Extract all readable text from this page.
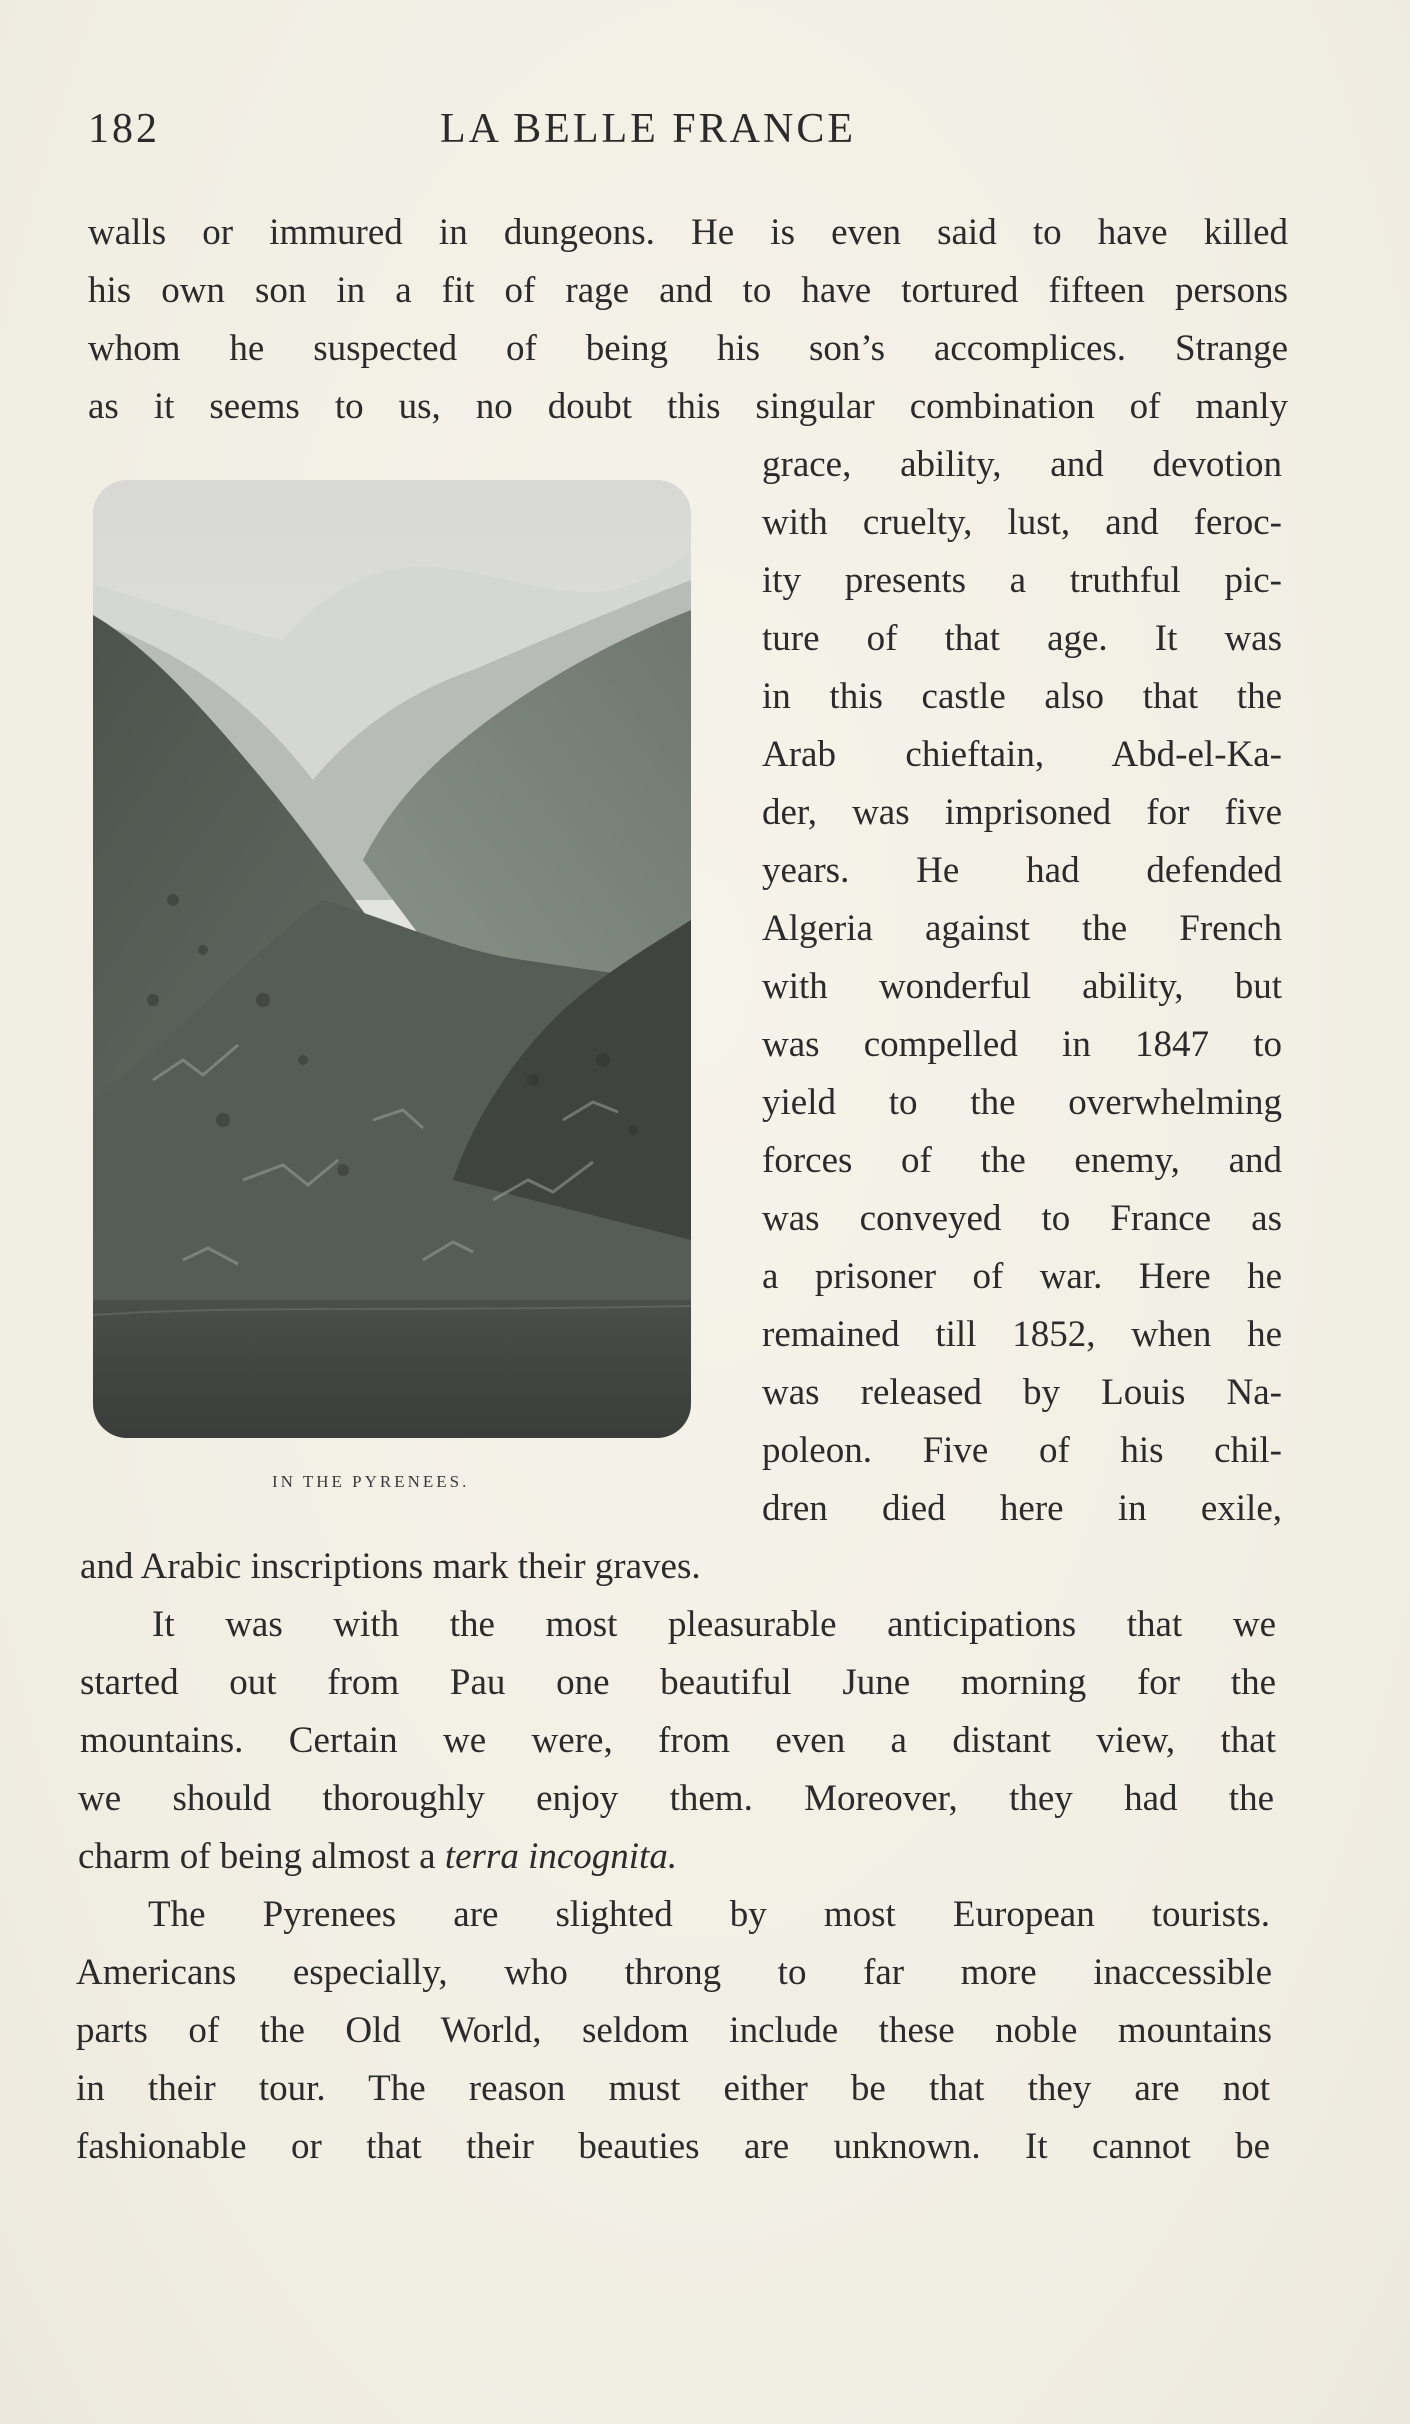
182	LA BELLE FRANCE
walls or immured in dungeons. He is even said to have killed
his own son in a fit of rage and to have tortured fifteen persons
whom he suspected of being his son’s accomplices. Strange
as it seems to us, no doubt this singular combination of manly
IN THE PYRENEES.
grace, ability, and devotion
with cruelty, lust, and feroc-
ity presents a truthful pic-
ture of that age. It was
in this castle also that the
Arab chieftain, Abd-el-Ka-
der, was imprisoned for five
years. He had defended
Algeria against the French
with wonderful ability, but
was compelled in 1847 to
yield to the overwhelming
forces of the enemy, and
was conveyed to France as
a prisoner of war. Here he
remained till 1852, when he
was released by Louis Na-
poleon. Five of his chil-
dren died here in exile,
and Arabic inscriptions mark their graves.
It was with the most pleasurable anticipations that we
started out from Pau one beautiful June morning for the
mountains. Certain we were, from even a distant view, that
we should thoroughly enjoy them. Moreover, they had the
charm of being almost a terra incognita.
The Pyrenees are slighted by most European tourists.
Americans especially, who throng to far more inaccessible
parts of the Old World, seldom include these noble mountains
in their tour. The reason must either be that they are not
fashionable or that their beauties are unknown. It cannot be
